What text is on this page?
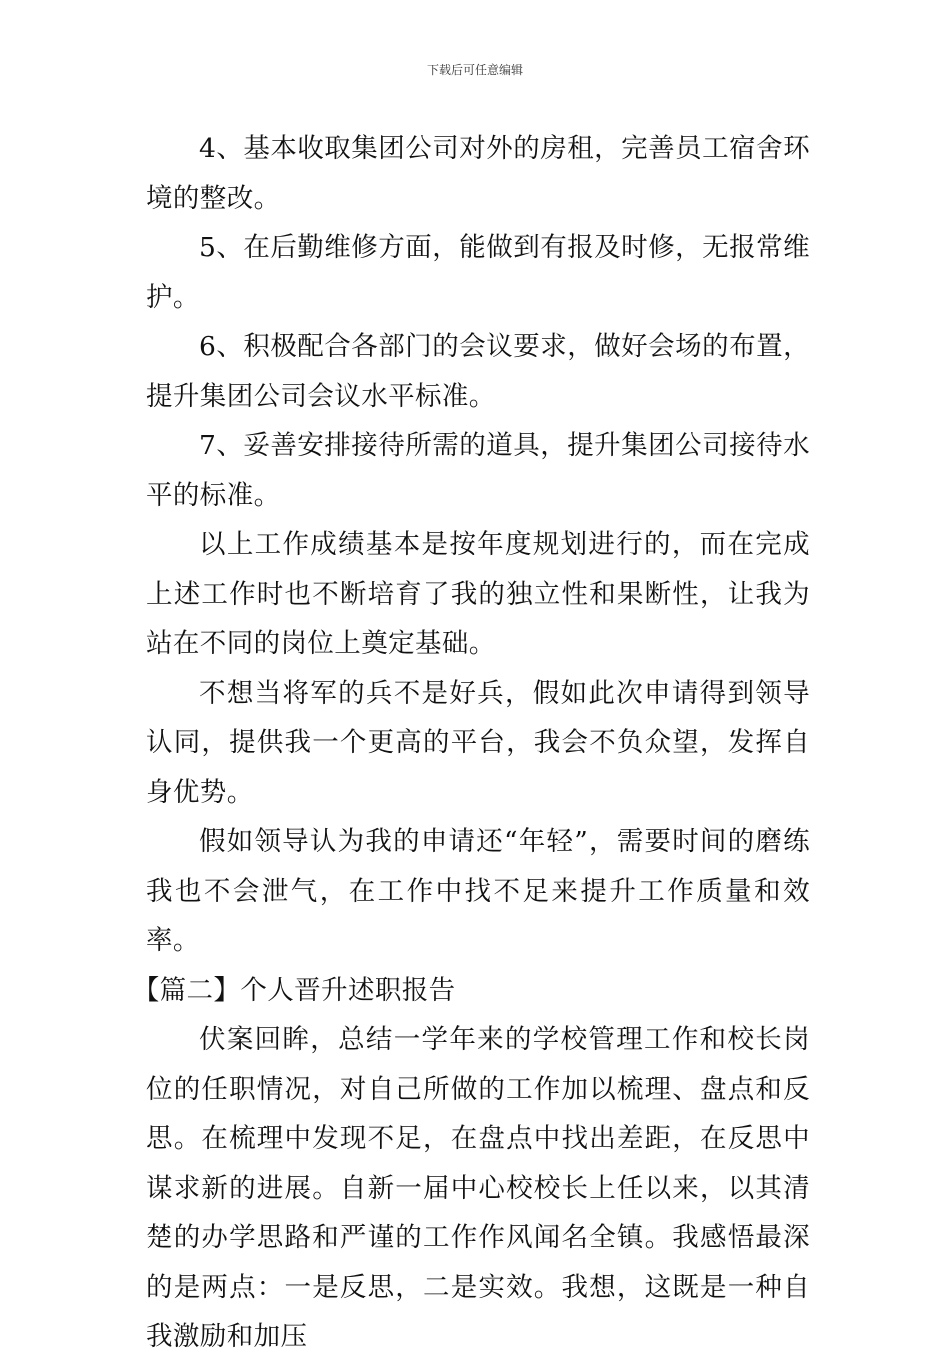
下载后可任意编辑

4、基本收取集团公司对外的房租，完善员工宿舍环境的整改。

5、在后勤维修方面，能做到有报及时修，无报常维护。

6、积极配合各部门的会议要求，做好会场的布置，提升集团公司会议水平标准。

7、妥善安排接待所需的道具，提升集团公司接待水平的标准。

以上工作成绩基本是按年度规划进行的，而在完成上述工作时也不断培育了我的独立性和果断性，让我为站在不同的岗位上奠定基础。

不想当将军的兵不是好兵，假如此次申请得到领导认同，提供我一个更高的平台，我会不负众望，发挥自身优势。

假如领导认为我的申请还“年轻”，需要时间的磨练我也不会泄气，在工作中找不足来提升工作质量和效率。

【篇二】个人晋升述职报告

伏案回眸，总结一学年来的学校管理工作和校长岗位的任职情况，对自己所做的工作加以梳理、盘点和反思。在梳理中发现不足，在盘点中找出差距，在反思中谋求新的进展。自新一届中心校校长上任以来，以其清楚的办学思路和严谨的工作作风闻名全镇。我感悟最深的是两点：一是反思，二是实效。我想，这既是一种自我激励和加压
